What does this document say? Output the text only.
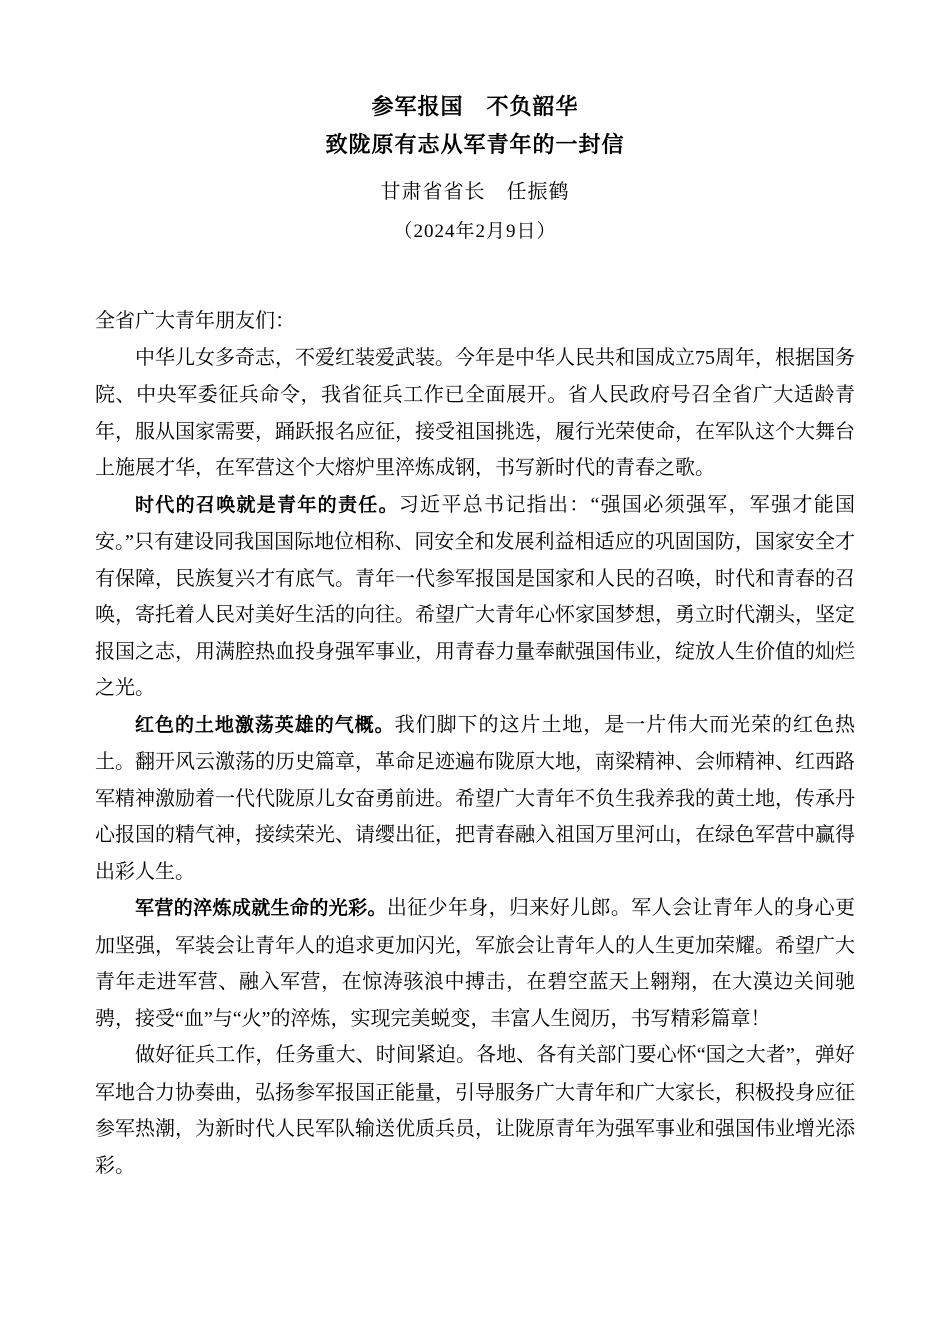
参军报国　不负韶华
致陇原有志从军青年的一封信
甘肃省省长　任振鹤
（2024年2月9日）

全省广大青年朋友们：

中华儿女多奇志，不爱红装爱武装。今年是中华人民共和国成立75周年，根据国务院、中央军委征兵命令，我省征兵工作已全面展开。省人民政府号召全省广大适龄青年，服从国家需要，踊跃报名应征，接受祖国挑选，履行光荣使命，在军队这个大舞台上施展才华，在军营这个大熔炉里淬炼成钢，书写新时代的青春之歌。

时代的召唤就是青年的责任。习近平总书记指出：“强国必须强军，军强才能国安。”只有建设同我国国际地位相称、同安全和发展利益相适应的巩固国防，国家安全才有保障，民族复兴才有底气。青年一代参军报国是国家和人民的召唤，时代和青春的召唤，寄托着人民对美好生活的向往。希望广大青年心怀家国梦想，勇立时代潮头，坚定报国之志，用满腔热血投身强军事业，用青春力量奉献强国伟业，绽放人生价值的灿烂之光。

红色的土地激荡英雄的气概。我们脚下的这片土地，是一片伟大而光荣的红色热土。翻开风云激荡的历史篇章，革命足迹遍布陇原大地，南梁精神、会师精神、红西路军精神激励着一代代陇原儿女奋勇前进。希望广大青年不负生我养我的黄土地，传承丹心报国的精气神，接续荣光、请缨出征，把青春融入祖国万里河山，在绿色军营中赢得出彩人生。

军营的淬炼成就生命的光彩。出征少年身，归来好儿郎。军人会让青年人的身心更加坚强，军装会让青年人的追求更加闪光，军旅会让青年人的人生更加荣耀。希望广大青年走进军营、融入军营，在惊涛骇浪中搏击，在碧空蓝天上翱翔，在大漠边关间驰骋，接受“血”与“火”的淬炼，实现完美蜕变，丰富人生阅历，书写精彩篇章！

做好征兵工作，任务重大、时间紧迫。各地、各有关部门要心怀“国之大者”，弹好军地合力协奏曲，弘扬参军报国正能量，引导服务广大青年和广大家长，积极投身应征参军热潮，为新时代人民军队输送优质兵员，让陇原青年为强军事业和强国伟业增光添彩。
